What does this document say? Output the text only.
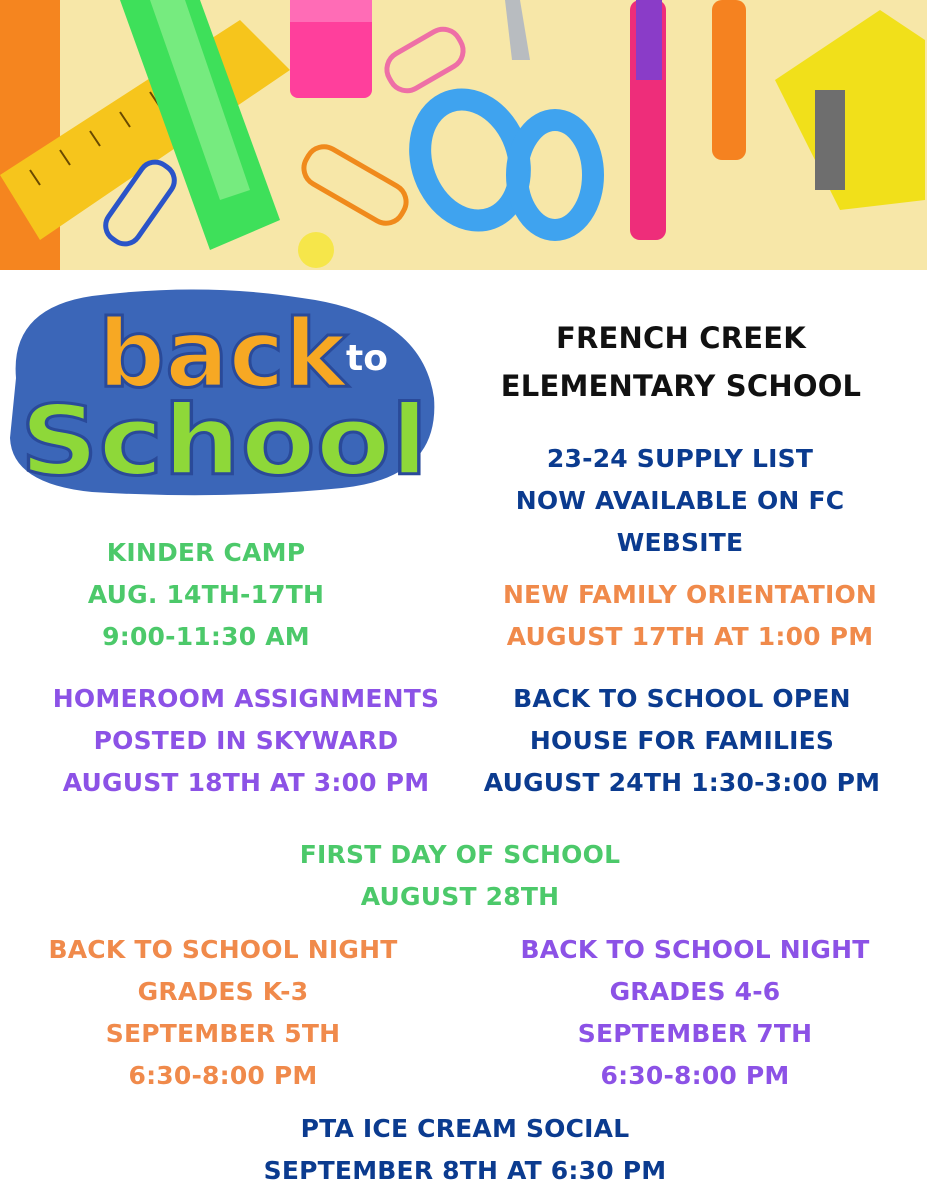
back to
School
FRENCH CREEK
ELEMENTARY SCHOOL
23-24 SUPPLY LIST
NOW AVAILABLE ON FC
WEBSITE
KINDER CAMP
AUG. 14TH-17TH
9:00-11:30 AM
NEW FAMILY ORIENTATION
AUGUST 17TH AT 1:00 PM
HOMEROOM ASSIGNMENTS
POSTED IN SKYWARD
AUGUST 18TH AT 3:00 PM
BACK TO SCHOOL OPEN
HOUSE FOR FAMILIES
AUGUST 24TH 1:30-3:00 PM
FIRST DAY OF SCHOOL
AUGUST 28TH
BACK TO SCHOOL NIGHT
GRADES K-3
SEPTEMBER 5TH
6:30-8:00 PM
BACK TO SCHOOL NIGHT
GRADES 4-6
SEPTEMBER 7TH
6:30-8:00 PM
PTA ICE CREAM SOCIAL
SEPTEMBER 8TH AT 6:30 PM
